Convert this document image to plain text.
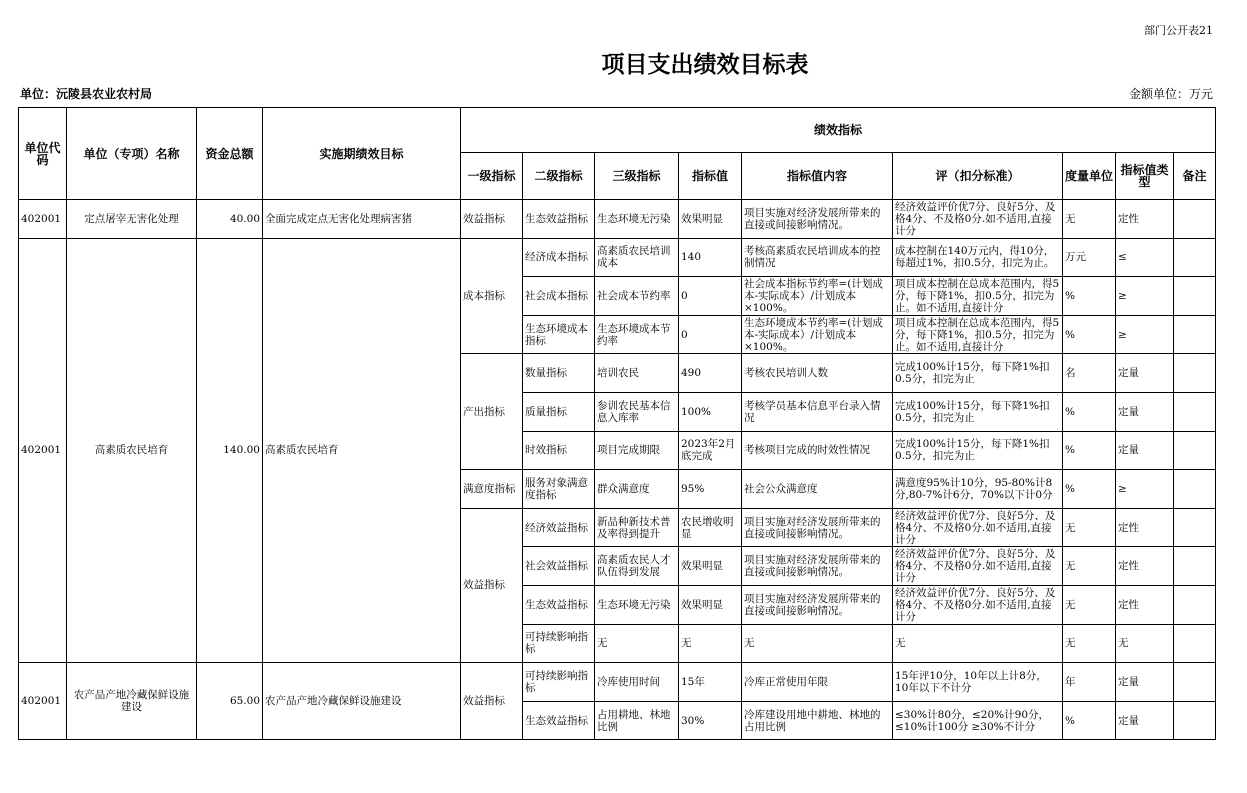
部门公开表21
项目支出绩效目标表
单位：沅陵县农业农村局	金额单位：万元
单位代码	单位（专项）名称	资金总额	实施期绩效目标	绩效指标								
				一级指标	二级指标	三级指标	指标值	指标值内容	评（扣分标准）	度量单位	指标值类型	备注

402001	定点屠宰无害化处理	40.00	全面完成定点无害化处理病害猪	效益指标	生态效益指标	生态环境无污染	效果明显	项目实施对经济发展所带来的直接或间接影响情况。	经济效益评价优7分、良好5分、及格4分、不及格0分.如不适用,直接计分	无	定性	

402001	高素质农民培育	140.00	高素质农民培育	成本指标	经济成本指标	高素质农民培训成本	140	考核高素质农民培训成本的控制情况	成本控制在140万元内，得10分，每超过1%，扣0.5分，扣完为止。	万元	≤	

					社会成本指标	社会成本节约率	0	社会成本指标节约率=(计划成本-实际成本）/计划成本×100%。	项目成本控制在总成本范围内，得5分，每下降1%，扣0.5分，扣完为止。如不适用,直接计分	%	≥	

					生态环境成本指标	生态环境成本节约率	0	生态环境成本节约率=(计划成本-实际成本）/计划成本×100%。	项目成本控制在总成本范围内，得5分，每下降1%，扣0.5分，扣完为止。如不适用,直接计分	%	≥	

				产出指标	数量指标	培训农民	490	考核农民培训人数	完成100%计15分，每下降1%扣0.5分，扣完为止	名	定量	

					质量指标	参训农民基本信息入库率	100%	考核学员基本信息平台录入情况	完成100%计15分，每下降1%扣0.5分，扣完为止	%	定量	

					时效指标	项目完成期限	2023年2月底完成	考核项目完成的时效性情况	完成100%计15分，每下降1%扣0.5分，扣完为止	%	定量	

				满意度指标	服务对象满意度指标	群众满意度	95%	社会公众满意度	满意度95%计10分，95-80%计8分,80-7%计6分，70%以下计0分	%	≥	

				效益指标	经济效益指标	新品种新技术普及率得到提升	农民增收明显	项目实施对经济发展所带来的直接或间接影响情况。	经济效益评价优7分、良好5分、及格4分、不及格0分.如不适用,直接计分	无	定性	

					社会效益指标	高素质农民人才队伍得到发展	效果明显	项目实施对经济发展所带来的直接或间接影响情况。	经济效益评价优7分、良好5分、及格4分、不及格0分.如不适用,直接计分	无	定性	

					生态效益指标	生态环境无污染	效果明显	项目实施对经济发展所带来的直接或间接影响情况。	经济效益评价优7分、良好5分、及格4分、不及格0分.如不适用,直接计分	无	定性	

					可持续影响指标	无	无	无	无	无	无	

402001	农产品产地冷藏保鲜设施建设	65.00	农产品产地冷藏保鲜设施建设	效益指标	可持续影响指标	冷库使用时间	15年	冷库正常使用年限	15年评10分，10年以上计8分，10年以下不计分	年	定量	

					生态效益指标	占用耕地、林地比例	30%	冷库建设用地中耕地、林地的占用比例	≤30%计80分，≤20%计90分，≤10%计100分 ≥30%不计分	%	定量	
